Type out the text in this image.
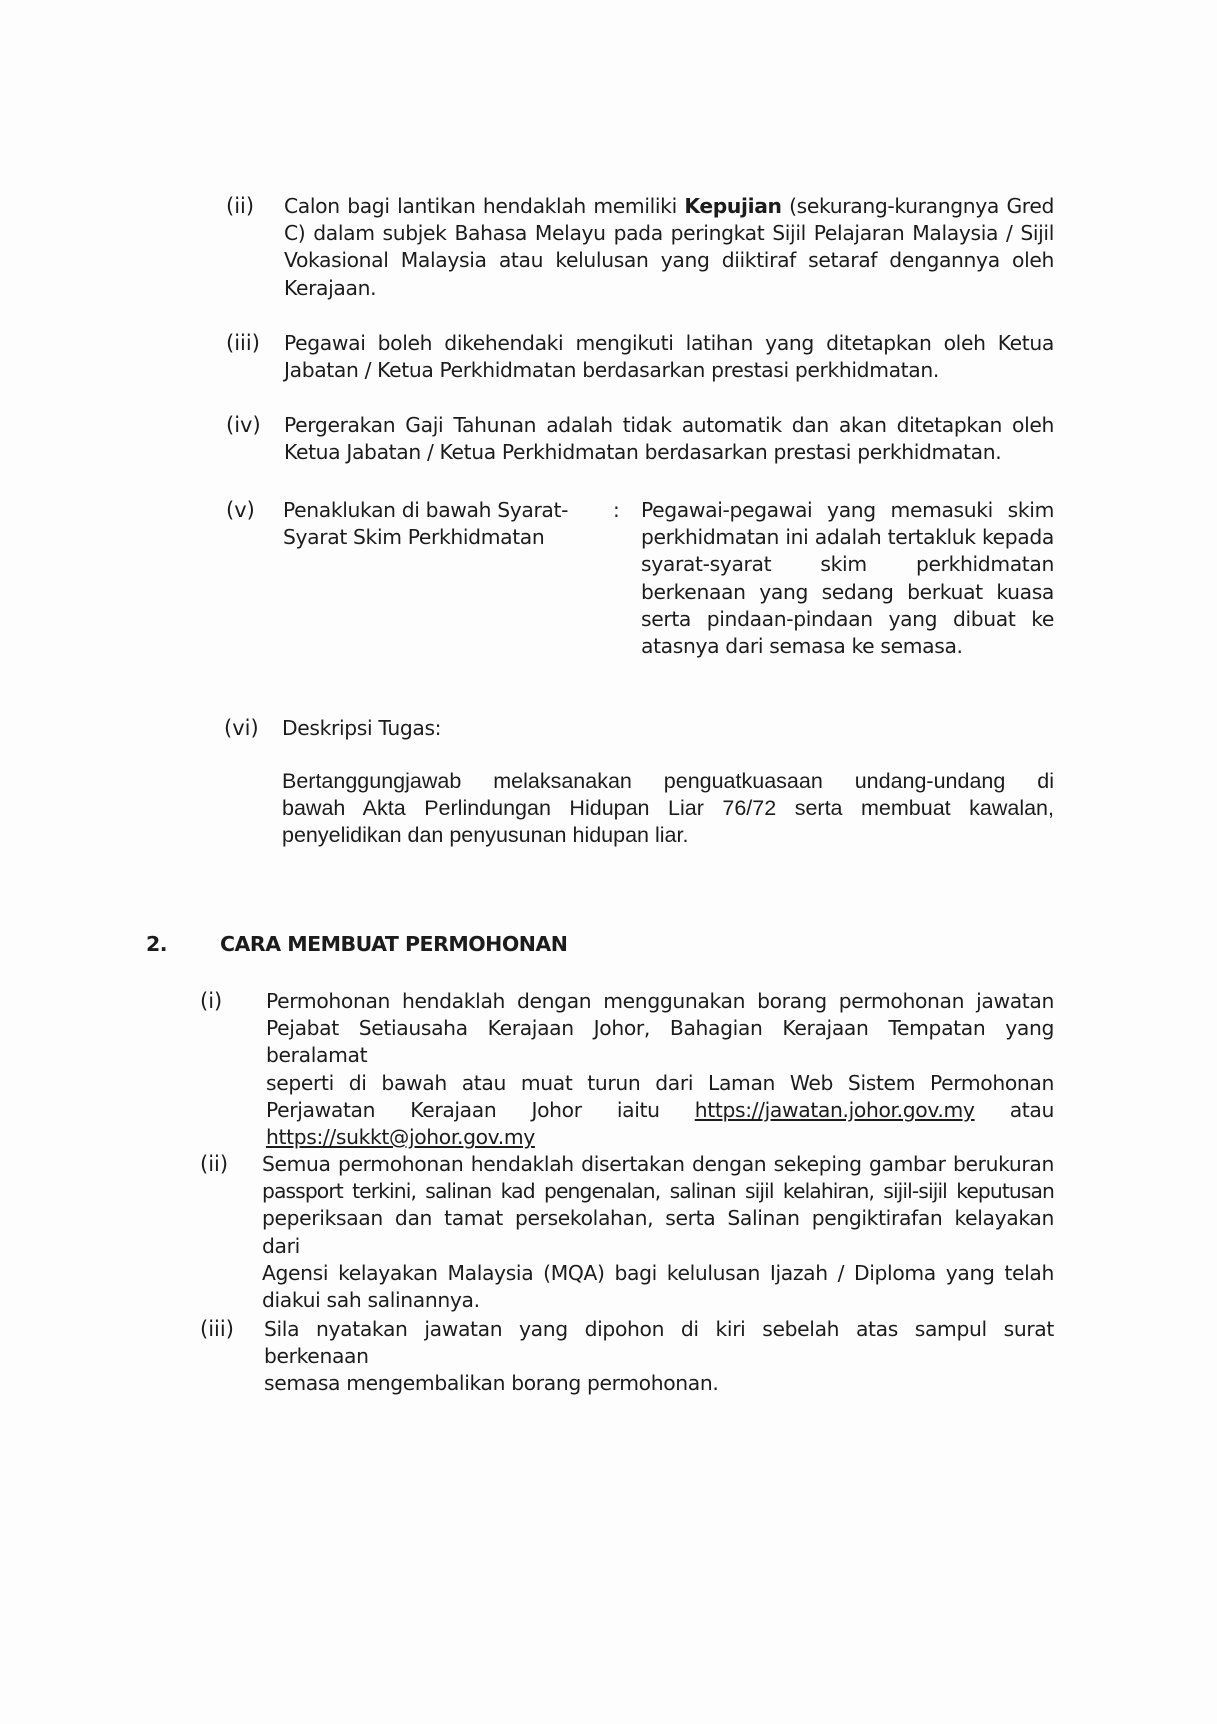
(ii) Calon bagi lantikan hendaklah memiliki Kepujian (sekurang-kurangnya Gred
C) dalam subjek Bahasa Melayu pada peringkat Sijil Pelajaran Malaysia / Sijil
Vokasional Malaysia atau kelulusan yang diiktiraf setaraf dengannya oleh
Kerajaan.
(iii) Pegawai boleh dikehendaki mengikuti latihan yang ditetapkan oleh Ketua
Jabatan / Ketua Perkhidmatan berdasarkan prestasi perkhidmatan.
(iv) Pergerakan Gaji Tahunan adalah tidak automatik dan akan ditetapkan oleh
Ketua Jabatan / Ketua Perkhidmatan berdasarkan prestasi perkhidmatan.
(v) Penaklukan di bawah Syarat-
Syarat Skim Perkhidmatan
: Pegawai-pegawai yang memasuki skim
perkhidmatan ini adalah tertakluk kepada
syarat-syarat skim perkhidmatan
berkenaan yang sedang berkuat kuasa
serta pindaan-pindaan yang dibuat ke
atasnya dari semasa ke semasa.
(vi) Deskripsi Tugas:
Bertanggungjawab melaksanakan penguatkuasaan undang-undang di
bawah Akta Perlindungan Hidupan Liar 76/72 serta membuat kawalan,
penyelidikan dan penyusunan hidupan liar.
2.	CARA MEMBUAT PERMOHONAN
(i) Permohonan hendaklah dengan menggunakan borang permohonan jawatan
Pejabat Setiausaha Kerajaan Johor, Bahagian Kerajaan Tempatan yang beralamat
seperti di bawah atau muat turun dari Laman Web Sistem Permohonan
Perjawatan Kerajaan Johor iaitu https://jawatan.johor.gov.my atau
https://sukkt@johor.gov.my
(ii) Semua permohonan hendaklah disertakan dengan sekeping gambar berukuran
passport terkini, salinan kad pengenalan, salinan sijil kelahiran, sijil-sijil keputusan
peperiksaan dan tamat persekolahan, serta Salinan pengiktirafan kelayakan dari
Agensi kelayakan Malaysia (MQA) bagi kelulusan Ijazah / Diploma yang telah
diakui sah salinannya.
(iii) Sila nyatakan jawatan yang dipohon di kiri sebelah atas sampul surat berkenaan
semasa mengembalikan borang permohonan.
